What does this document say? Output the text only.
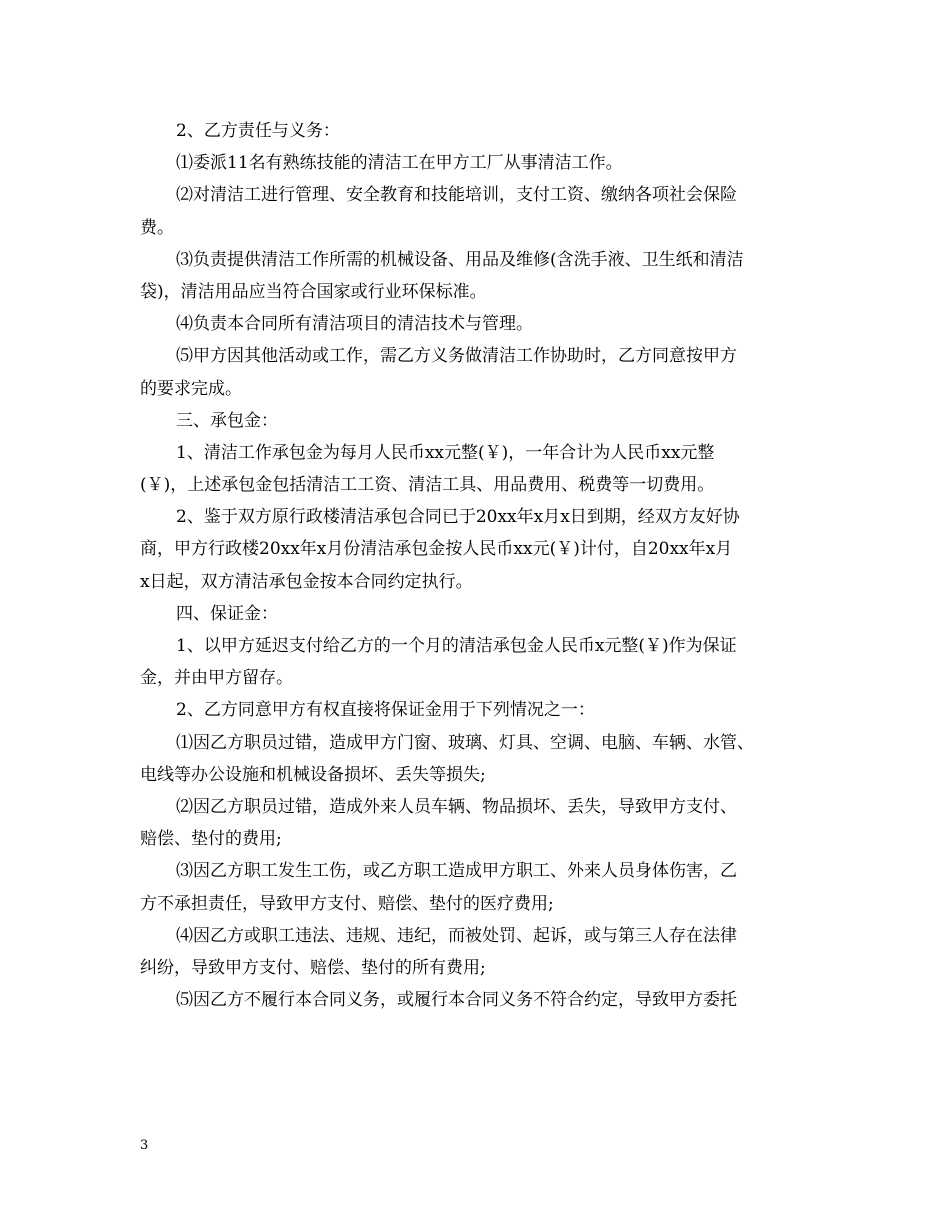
2、乙方责任与义务：
⑴委派11名有熟练技能的清洁工在甲方工厂从事清洁工作。
⑵对清洁工进行管理、安全教育和技能培训，支付工资、缴纳各项社会保险
费。
⑶负责提供清洁工作所需的机械设备、用品及维修(含洗手液、卫生纸和清洁
袋)，清洁用品应当符合国家或行业环保标准。
⑷负责本合同所有清洁项目的清洁技术与管理。
⑸甲方因其他活动或工作，需乙方义务做清洁工作协助时，乙方同意按甲方
的要求完成。
三、承包金：
1、清洁工作承包金为每月人民币xx元整(￥)，一年合计为人民币xx元整
(￥)，上述承包金包括清洁工工资、清洁工具、用品费用、税费等一切费用。
2、鉴于双方原行政楼清洁承包合同已于20xx年x月x日到期，经双方友好协
商，甲方行政楼20xx年x月份清洁承包金按人民币xx元(￥)计付，自20xx年x月
x日起，双方清洁承包金按本合同约定执行。
四、保证金：
1、以甲方延迟支付给乙方的一个月的清洁承包金人民币x元整(￥)作为保证
金，并由甲方留存。
2、乙方同意甲方有权直接将保证金用于下列情况之一：
⑴因乙方职员过错，造成甲方门窗、玻璃、灯具、空调、电脑、车辆、水管、
电线等办公设施和机械设备损坏、丢失等损失;
⑵因乙方职员过错，造成外来人员车辆、物品损坏、丢失，导致甲方支付、
赔偿、垫付的费用;
⑶因乙方职工发生工伤，或乙方职工造成甲方职工、外来人员身体伤害，乙
方不承担责任，导致甲方支付、赔偿、垫付的医疗费用;
⑷因乙方或职工违法、违规、违纪，而被处罚、起诉，或与第三人存在法律
纠纷，导致甲方支付、赔偿、垫付的所有费用;
⑸因乙方不履行本合同义务，或履行本合同义务不符合约定，导致甲方委托
3
